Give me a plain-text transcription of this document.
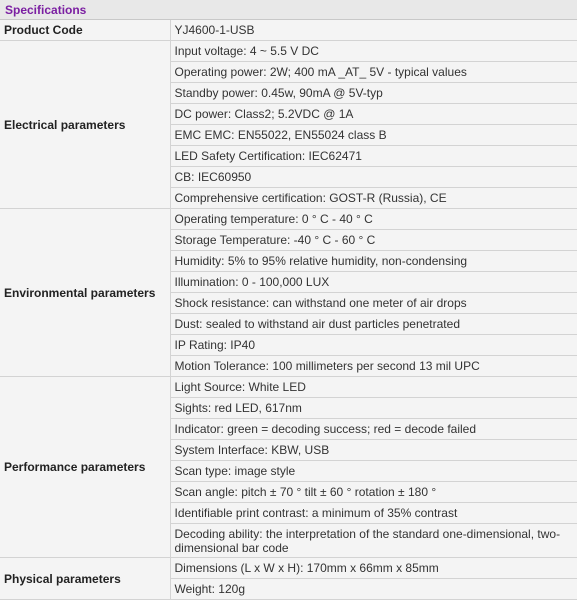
Specifications
Product Code	YJ4600-1-USB
Electrical parameters	Input voltage: 4 ~ 5.5 V DC
	Operating power: 2W; 400 mA _AT_ 5V - typical values
	Standby power: 0.45w, 90mA @ 5V-typ
	DC power: Class2; 5.2VDC @ 1A
	EMC EMC: EN55022, EN55024 class B
	LED Safety Certification: IEC62471
	CB: IEC60950
	Comprehensive certification: GOST-R (Russia), CE
Environmental parameters	Operating temperature: 0 ° C - 40 ° C
	Storage Temperature: -40 ° C - 60 ° C
	Humidity: 5% to 95% relative humidity, non-condensing
	Illumination: 0 - 100,000 LUX
	Shock resistance: can withstand one meter of air drops
	Dust: sealed to withstand air dust particles penetrated
	IP Rating: IP40
	Motion Tolerance: 100 millimeters per second 13 mil UPC
Performance parameters	Light Source: White LED
	Sights: red LED, 617nm
	Indicator: green = decoding success; red = decode failed
	System Interface: KBW, USB
	Scan type: image style
	Scan angle: pitch ± 70 ° tilt ± 60 ° rotation ± 180 °
	Identifiable print contrast: a minimum of 35% contrast
	Decoding ability: the interpretation of the standard one-dimensional, two-dimensional bar code
Physical parameters	Dimensions (L x W x H): 170mm x 66mm x 85mm
	Weight: 120g
